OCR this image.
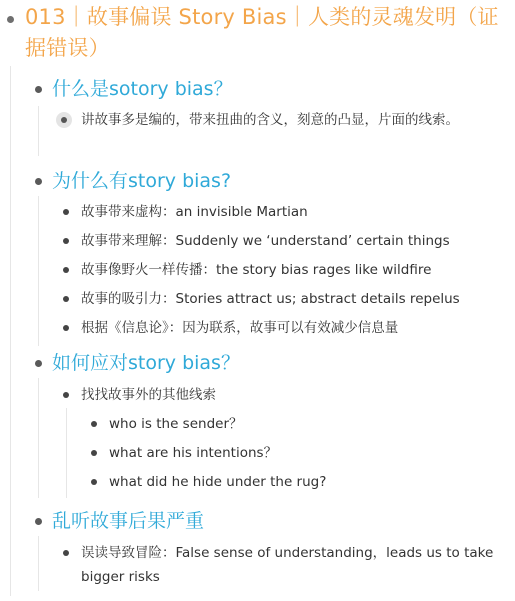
013｜故事偏误 Story Bias｜人类的灵魂发明（证据错误）
什么是sotory bias？
讲故事多是编的，带来扭曲的含义，刻意的凸显，片面的线索。
为什么有story bias?
故事带来虚构：an invisible Martian
故事带来理解：Suddenly we ‘understand’ certain things
故事像野火一样传播：the story bias rages like wildfire
故事的吸引力：Stories attract us; abstract details repelus
根据《信息论》：因为联系，故事可以有效减少信息量
如何应对story bias？
找找故事外的其他线索
who is the sender？
what are his intentions？
what did he hide under the rug?
乱听故事后果严重
误读导致冒险：False sense of understanding，leads us to take bigger risks
